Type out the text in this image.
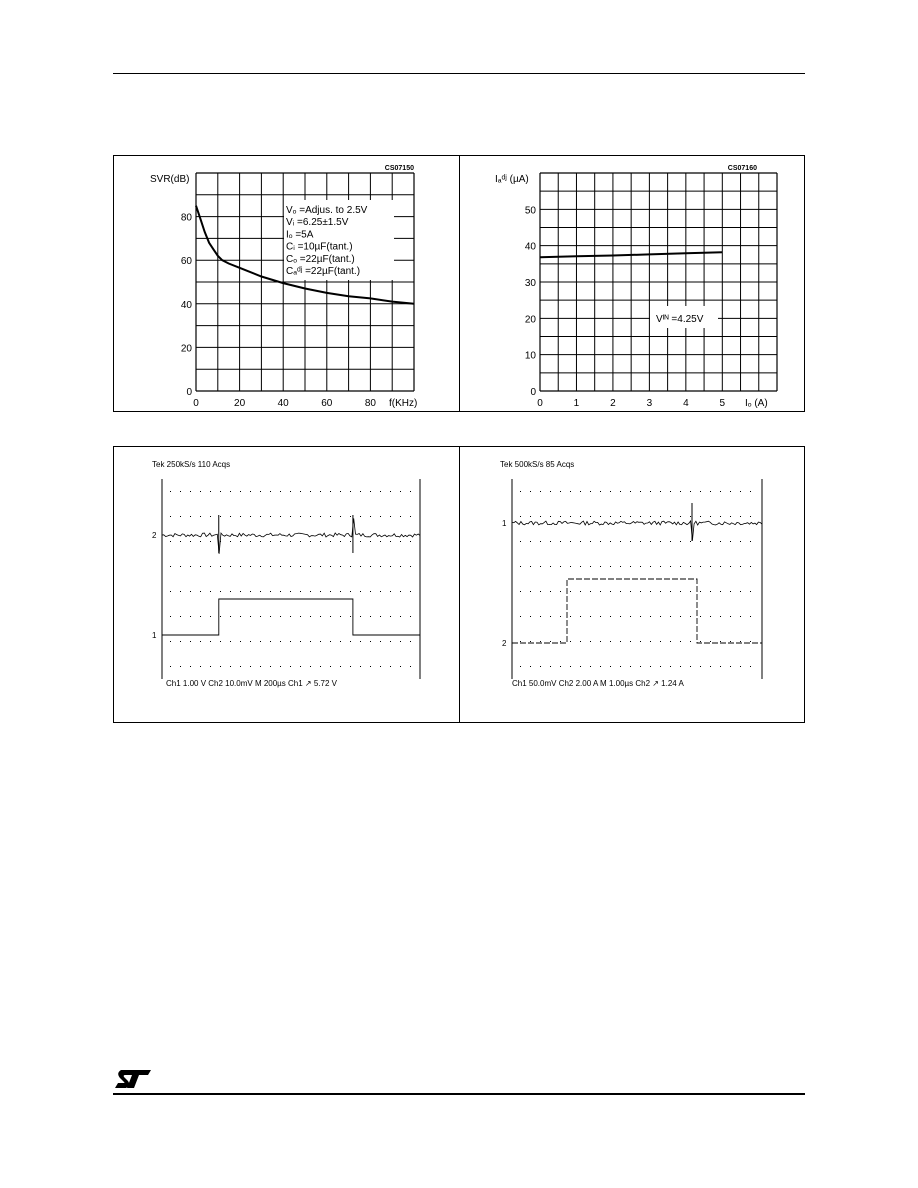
CS07150
SVR(dB)
f(KHz)
0	20	40	60	80
0
20
40
60
80
Vₒ =Adjus. to 2.5V
Vᵢ =6.25±1.5V
Iₒ =5A
Cᵢ =10µF(tant.)
Cₒ =22µF(tant.)
Cₐᵈʲ =22µF(tant.)
CS07160
Iₐᵈʲ (µA)
Iₒ (A)
0	1	2	3	4	5
0
10
20
30
40
50
Vᴵᴺ =4.25V
Tek 250kS/s 110 Acqs
Ch1 1.00 V Ch2 10.0mV M 200µs Ch1 ↗ 5.72 V
2
1
Tek 500kS/s 85 Acqs
Ch1 50.0mV Ch2 2.00 A M 1.00µs Ch2 ↗ 1.24 A
1
2
